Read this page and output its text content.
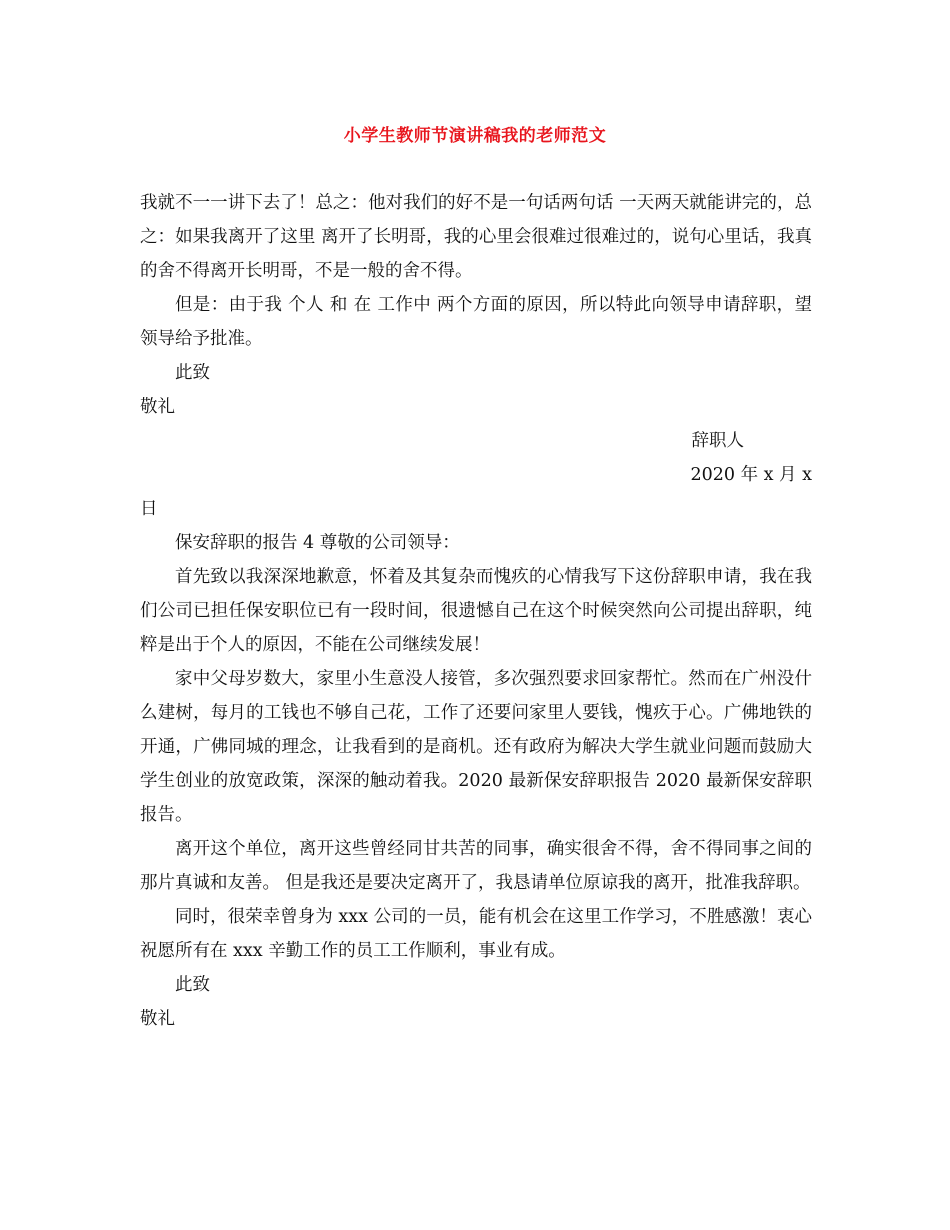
小学生教师节演讲稿我的老师范文

我就不一一讲下去了！总之：他对我们的好不是一句话两句话 一天两天就能讲完的，总之：如果我离开了这里 离开了长明哥，我的心里会很难过很难过的，说句心里话，我真的舍不得离开长明哥，不是一般的舍不得。

但是：由于我 个人 和 在 工作中 两个方面的原因，所以特此向领导申请辞职，望领导给予批准。

此致

敬礼

辞职人

2020 年 x 月 x

日

保安辞职的报告 4 尊敬的公司领导：

首先致以我深深地歉意，怀着及其复杂而愧疚的心情我写下这份辞职申请，我在我们公司已担任保安职位已有一段时间，很遗憾自己在这个时候突然向公司提出辞职，纯粹是出于个人的原因，不能在公司继续发展！

家中父母岁数大，家里小生意没人接管，多次强烈要求回家帮忙。然而在广州没什么建树，每月的工钱也不够自己花，工作了还要问家里人要钱，愧疚于心。广佛地铁的开通，广佛同城的理念，让我看到的是商机。还有政府为解决大学生就业问题而鼓励大学生创业的放宽政策，深深的触动着我。2020 最新保安辞职报告 2020 最新保安辞职报告。

离开这个单位，离开这些曾经同甘共苦的同事，确实很舍不得，舍不得同事之间的那片真诚和友善。 但是我还是要决定离开了，我恳请单位原谅我的离开，批准我辞职。

同时，很荣幸曾身为 xxx 公司的一员，能有机会在这里工作学习，不胜感激！衷心祝愿所有在 xxx 辛勤工作的员工工作顺利，事业有成。

此致

敬礼
